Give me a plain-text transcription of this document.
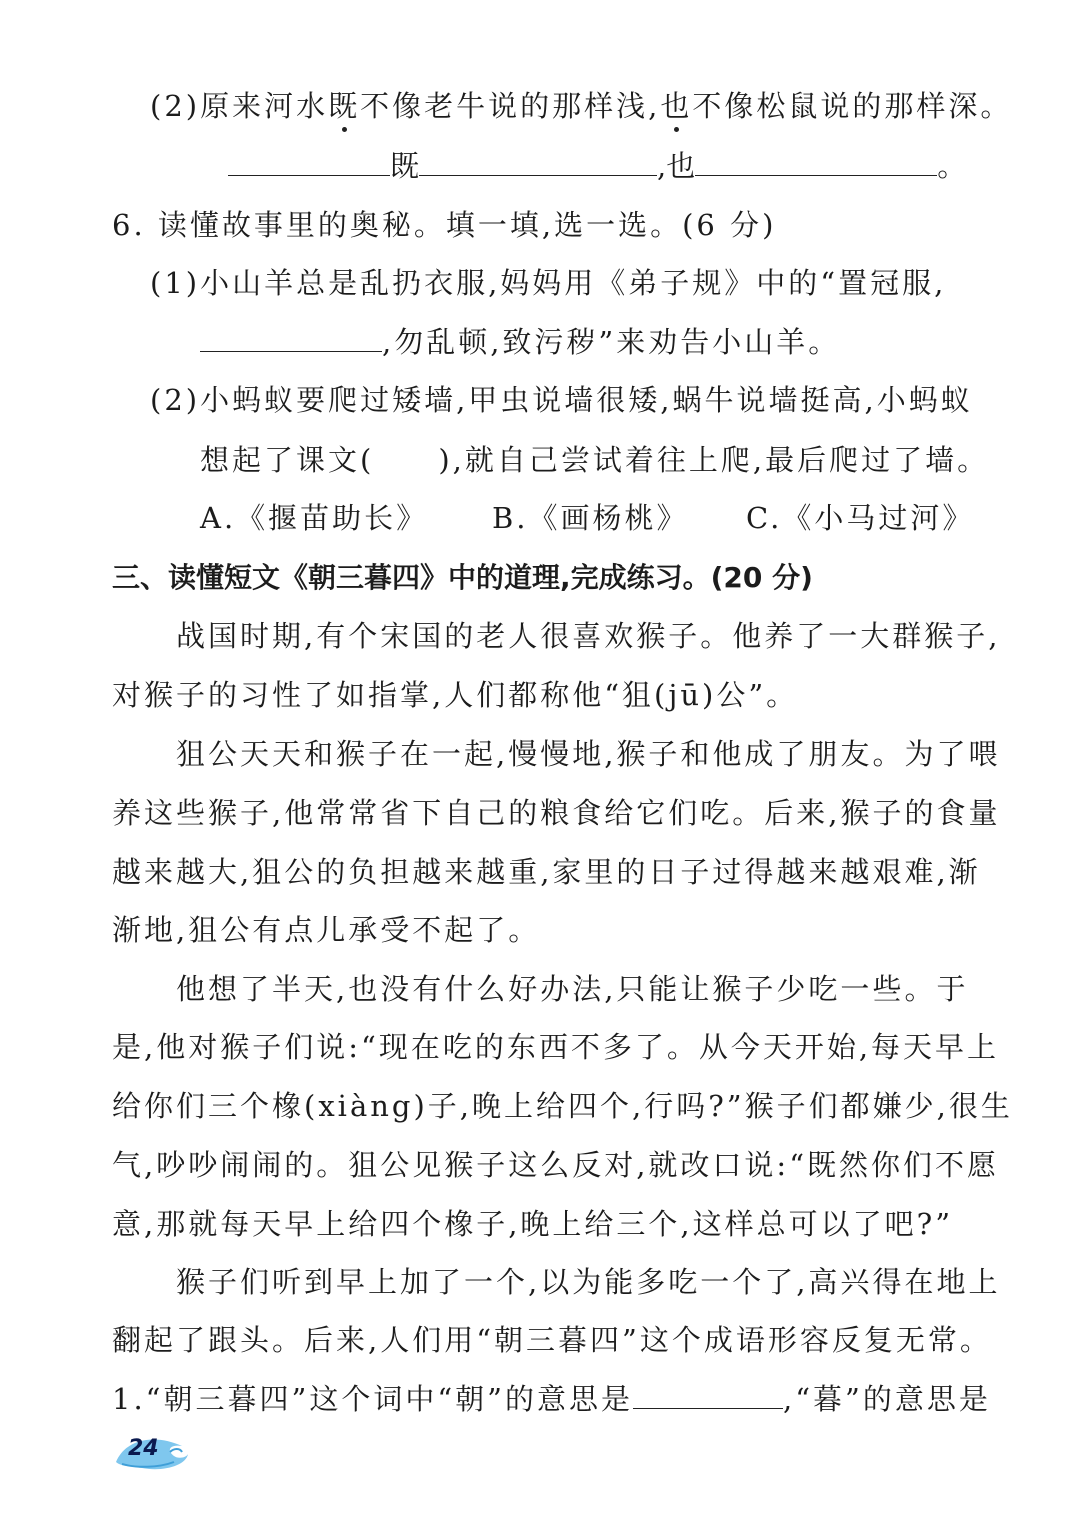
(2)原来河水既不像老牛说的那样浅,也不像松鼠说的那样深。
既	,也	。
6. 读懂故事里的奥秘。填一填,选一选。(6 分)
(1)小山羊总是乱扔衣服,妈妈用《弟子规》中的“置冠服,
,勿乱顿,致污秽”来劝告小山羊。
(2)小蚂蚁要爬过矮墙,甲虫说墙很矮,蜗牛说墙挺高,小蚂蚁
想起了课文(　　),就自己尝试着往上爬,最后爬过了墙。
A.《揠苗助长》 B.《画杨桃》 C.《小马过河》
三、读懂短文《朝三暮四》中的道理,完成练习。(20 分)
战国时期,有个宋国的老人很喜欢猴子。他养了一大群猴子,
对猴子的习性了如指掌,人们都称他“狙(jū)公”。
狙公天天和猴子在一起,慢慢地,猴子和他成了朋友。为了喂
养这些猴子,他常常省下自己的粮食给它们吃。后来,猴子的食量
越来越大,狙公的负担越来越重,家里的日子过得越来越艰难,渐
渐地,狙公有点儿承受不起了。
他想了半天,也没有什么好办法,只能让猴子少吃一些。于
是,他对猴子们说:“现在吃的东西不多了。从今天开始,每天早上
给你们三个橡(xiàng)子,晚上给四个,行吗?”猴子们都嫌少,很生
气,吵吵闹闹的。狙公见猴子这么反对,就改口说:“既然你们不愿
意,那就每天早上给四个橡子,晚上给三个,这样总可以了吧?”
猴子们听到早上加了一个,以为能多吃一个了,高兴得在地上
翻起了跟头。后来,人们用“朝三暮四”这个成语形容反复无常。
1.“朝三暮四”这个词中“朝”的意思是	,“暮”的意思是
24
